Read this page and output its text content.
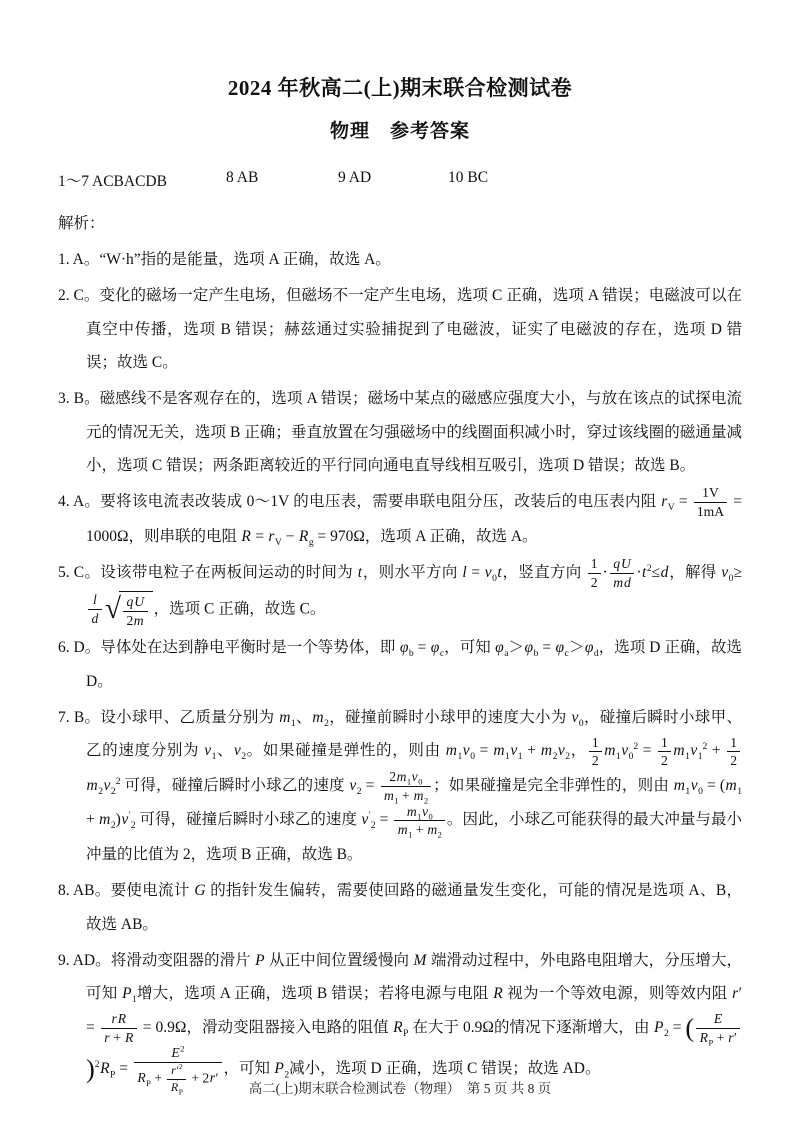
2024 年秋高二(上)期末联合检测试卷
物理　参考答案
1～7 ACBACDB	8 AB	9 AD	10 BC
解析：
1. A。“W·h”指的是能量，选项 A 正确，故选 A。
2. C。变化的磁场一定产生电场，但磁场不一定产生电场，选项 C 正确，选项 A 错误；电磁波可以在真空中传播，选项 B 错误；赫兹通过实验捕捉到了电磁波，证实了电磁波的存在，选项 D 错误；故选 C。
3. B。磁感线不是客观存在的，选项 A 错误；磁场中某点的磁感应强度大小，与放在该点的试探电流元的情况无关，选项 B 正确；垂直放置在匀强磁场中的线圈面积减小时，穿过该线圈的磁通量减小，选项 C 错误；两条距离较近的平行同向通电直导线相互吸引，选项 D 错误；故选 B。
4. A。要将该电流表改装成 0～1V 的电压表，需要串联电阻分压，改装后的电压表内阻 $r_V = \frac{1V}{1mA} = 1000\Omega$，则串联的电阻 $R = r_V - R_g = 970\Omega$，选项 A 正确，故选 A。
5. C。设该带电粒子在两板间运动的时间为 t，则水平方向 $l = v_0t$，竖直方向 $\frac{1}{2} \cdot \frac{qU}{md} \cdot t^2\le d$，解得 $v_0\ge$
$\frac{l}{d}$ √ $\frac{qU}{2m}$ ，选项 C 正确，故选 C。
6. D。导体处在达到静电平衡时是一个等势体，即 $\varphi_b = \varphi_c$，可知 $\varphi_a>\varphi_b = \varphi_c>\varphi_d$，选项 D 正确，故选 D。
7. B。设小球甲、乙质量分别为 $m_1$、$m_2$，碰撞前瞬时小球甲的速度大小为 $v_0$，碰撞后瞬时小球甲、乙的速度分别为 $v_1$、$v_2$。如果碰撞是弹性的，则由 $m_1v_0 = m_1v_1 + m_2v_2$， $\frac{1}{2} m_1v_0^2 = \frac{1}{2} m_1v_1^2 + \frac{1}{2}$
$m_2v_2^2$ 可得，碰撞后瞬时小球乙的速度 $v_2 = \frac{2m_1v_0}{m_1 + m_2}$ ；如果碰撞是完全非弹性的，则由 $m_1v_0 = (m_1 + m_2)v'_2$ 可得，碰撞后瞬时小球乙的速度 $v'_2 = \frac{m_1v_0}{m_1 + m_2}$ 。因此，小球乙可能获得的最大冲量与最小冲量的比值为 2，选项 B 正确，故选 B。
8. AB。要使电流计 G 的指针发生偏转，需要使回路的磁通量发生变化，可能的情况是选项 A、B，故选 AB。
9. AD。将滑动变阻器的滑片 P 从正中间位置缓慢向 M 端滑动过程中，外电路电阻增大，分压增大，可知 $P_1$增大，选项 A 正确，选项 B 错误；若将电源与电阻 R 视为一个等效电源，则等效内阻 $r' = \frac{rR}{r + R} = 0.9\Omega$，滑动变阻器接入电路的阻值 $R_P$ 在大于 0.9Ω的情况下逐渐增大，由 $P_2$ = ( $\frac{E}{R_P + r'}$
)$^2R_P = \frac{E^2}{R_P + \frac{r'^2}{R_P} + 2r'}$ ，可知 $P_2$减小，选项 D 正确，选项 C 错误；故选 AD。
高二(上)期末联合检测试卷（物理）　第 5 页 共 8 页
